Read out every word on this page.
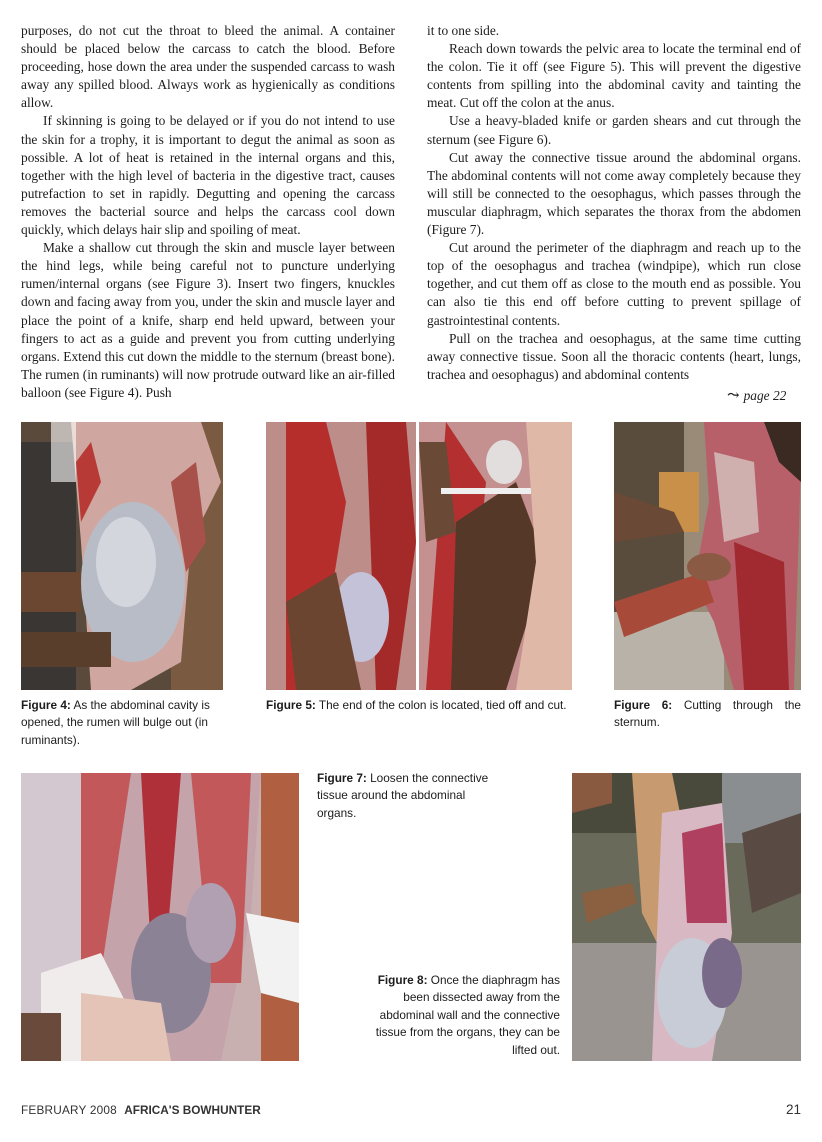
purposes, do not cut the throat to bleed the animal. A container should be placed below the carcass to catch the blood. Before proceeding, hose down the area under the suspended carcass to wash away any spilled blood. Always work as hygienically as conditions allow.

If skinning is going to be delayed or if you do not intend to use the skin for a trophy, it is important to degut the animal as soon as possible. A lot of heat is retained in the internal organs and this, together with the high level of bacteria in the digestive tract, causes putrefaction to set in rapidly. Degutting and opening the carcass removes the bacterial source and helps the carcass cool down quickly, which delays hair slip and spoiling of meat.

Make a shallow cut through the skin and muscle layer between the hind legs, while being careful not to puncture underlying rumen/internal organs (see Figure 3). Insert two fingers, knuckles down and facing away from you, under the skin and muscle layer and place the point of a knife, sharp end held upward, between your fingers to act as a guide and prevent you from cutting underlying organs. Extend this cut down the middle to the sternum (breast bone). The rumen (in ruminants) will now protrude outward like an air-filled balloon (see Figure 4). Push

it to one side.

Reach down towards the pelvic area to locate the terminal end of the colon. Tie it off (see Figure 5). This will prevent the digestive contents from spilling into the abdominal cavity and tainting the meat. Cut off the colon at the anus.

Use a heavy-bladed knife or garden shears and cut through the sternum (see Figure 6).

Cut away the connective tissue around the abdominal organs. The abdominal contents will not come away completely because they will still be connected to the oesophagus, which passes through the muscular diaphragm, which separates the thorax from the abdomen (Figure 7).

Cut around the perimeter of the diaphragm and reach up to the top of the oesophagus and trachea (windpipe), which run close together, and cut them off as close to the mouth end as possible. You can also tie this end off before cutting to prevent spillage of gastrointestinal contents.

Pull on the trachea and oesophagus, at the same time cutting away connective tissue. Soon all the thoracic contents (heart, lungs, trachea and oesophagus) and abdominal contents

⤳ page 22
Figure 4: As the abdominal cavity is opened, the rumen will bulge out (in ruminants).
Figure 5: The end of the colon is located, tied off and cut.	Figure 6: Cutting through the sternum.
Figure 7: Loosen the connective tissue around the abdominal organs.
Figure 8: Once the diaphragm has been dissected away from the abdominal wall and the connective tissue from the organs, they can be lifted out.
FEBRUARY 2008 AFRICA'S BOWHUNTER	21
